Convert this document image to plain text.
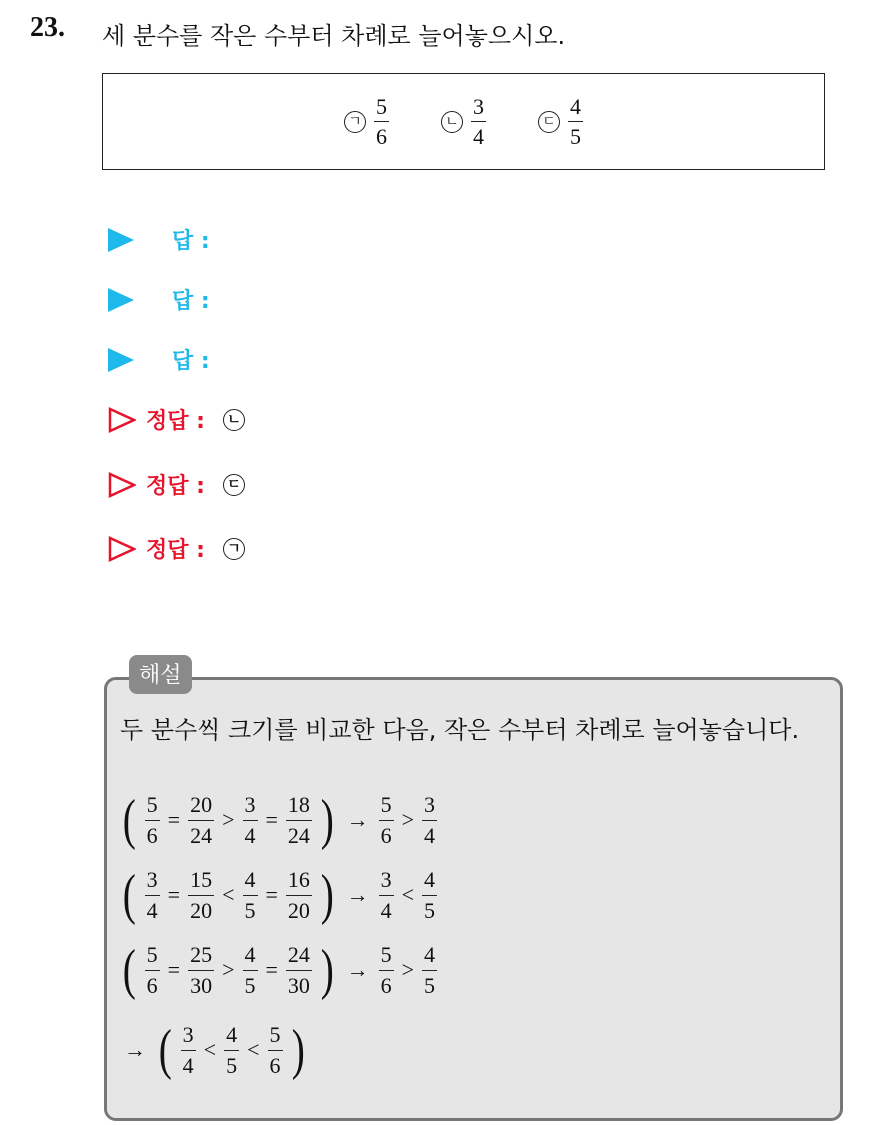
23. 세 분수를 작은 수부터 차례로 늘어놓으시오.
ㄱ $\frac{5}{6}$	ㄴ $\frac{3}{4}$	ㄷ $\frac{4}{5}$
답 :
답 :
답 :
정답 :	ㄴ
정답 :	ㄷ
정답 :	ㄱ
해설
두 분수씩 크기를 비교한 다음, 작은 수부터 차례로 늘어놓습니다.
( $\frac{5}{6} = \frac{20}{24} > \frac{3}{4} = \frac{18}{24}$ ) → $\frac{5}{6} > \frac{3}{4}$
( $\frac{3}{4} = \frac{15}{20} < \frac{4}{5} = \frac{16}{20}$ ) → $\frac{3}{4} < \frac{4}{5}$
( $\frac{5}{6} = \frac{25}{30} > \frac{4}{5} = \frac{24}{30}$ ) → $\frac{5}{6} > \frac{4}{5}$
→ ( $\frac{3}{4} < \frac{4}{5} < \frac{5}{6}$ )
